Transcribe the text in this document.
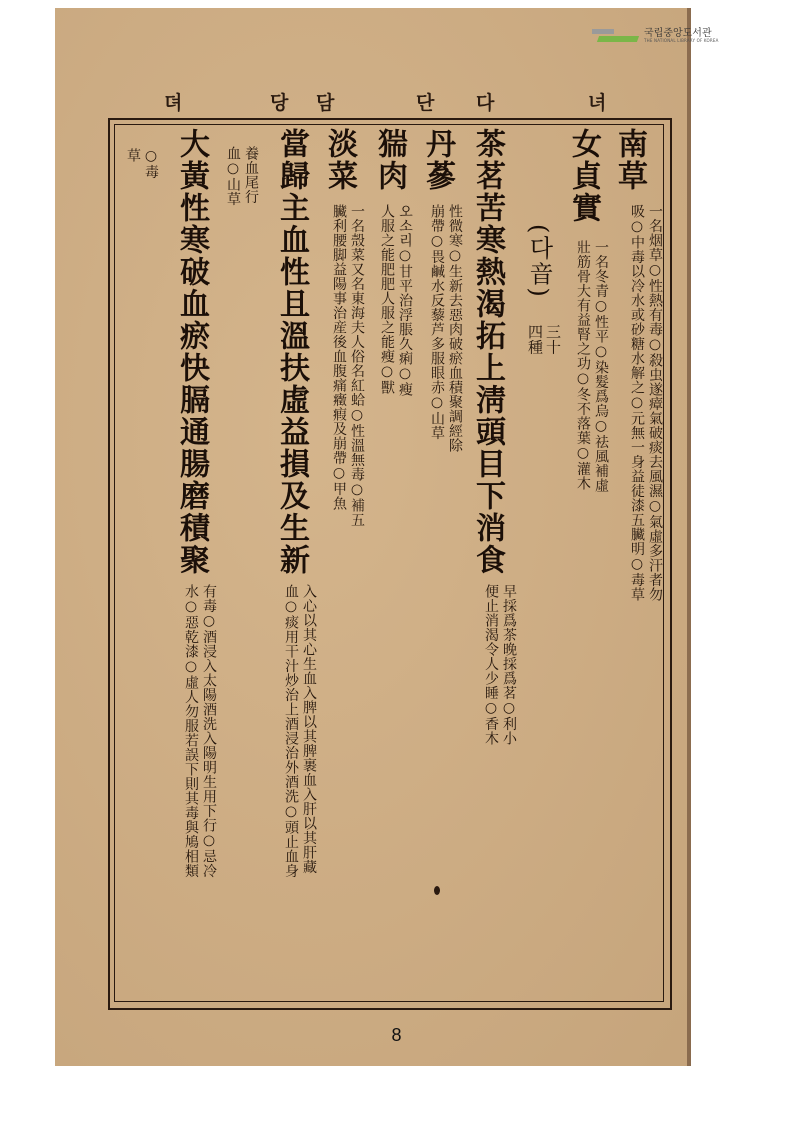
국립중앙도서관
THE NATIONAL LIBRARY OF KOREA
녀
다
단
담
당
뎌
南草
一名烟草○性熱有毒○殺虫遂瘴氣破痰去風濕○氣虛多汗者勿
吸○中毒以冷水或砂糖水解之○元無一身益徒漆五臟明○毒草
女貞實
一名冬青○性平○染髮爲烏○祛風補虛
壯筋骨大有益腎之功○冬不落葉○灌木
(다音)
三十
四種
茶茗苦寒熱渴拓上淸頭目下消食
早採爲茶晚採爲茗○利小
便止消渴令人少睡○香木
丹蔘
性微寒○生新去惡肉破瘀血積聚調經除
崩帶○畏鹹水反藜芦多服眼赤○山草
猯肉
오소리○甘平治浮脹久痢○瘦
人服之能肥肥人服之能瘦○獸
淡菜
一名殼菜又名東海夫人俗名紅蛤○性溫無毒○補五
臟利腰脚益陽事治産後血腹痛癥瘕及崩帶○甲魚
當歸主血性且溫扶虛益損及生新
入心以其心生血入脾以其脾裹血入肝以其肝藏
血○痰用干汁炒治上酒浸治外酒洗○頭止血身
養血尾行
血○山草
大黃性寒破血瘀快膈通腸磨積聚
有毒○酒浸入太陽酒洗入陽明生用下行○忌冷
水○惡乾漆○虛人勿服若誤下則其毒與鳩相類
○毒
草
8
